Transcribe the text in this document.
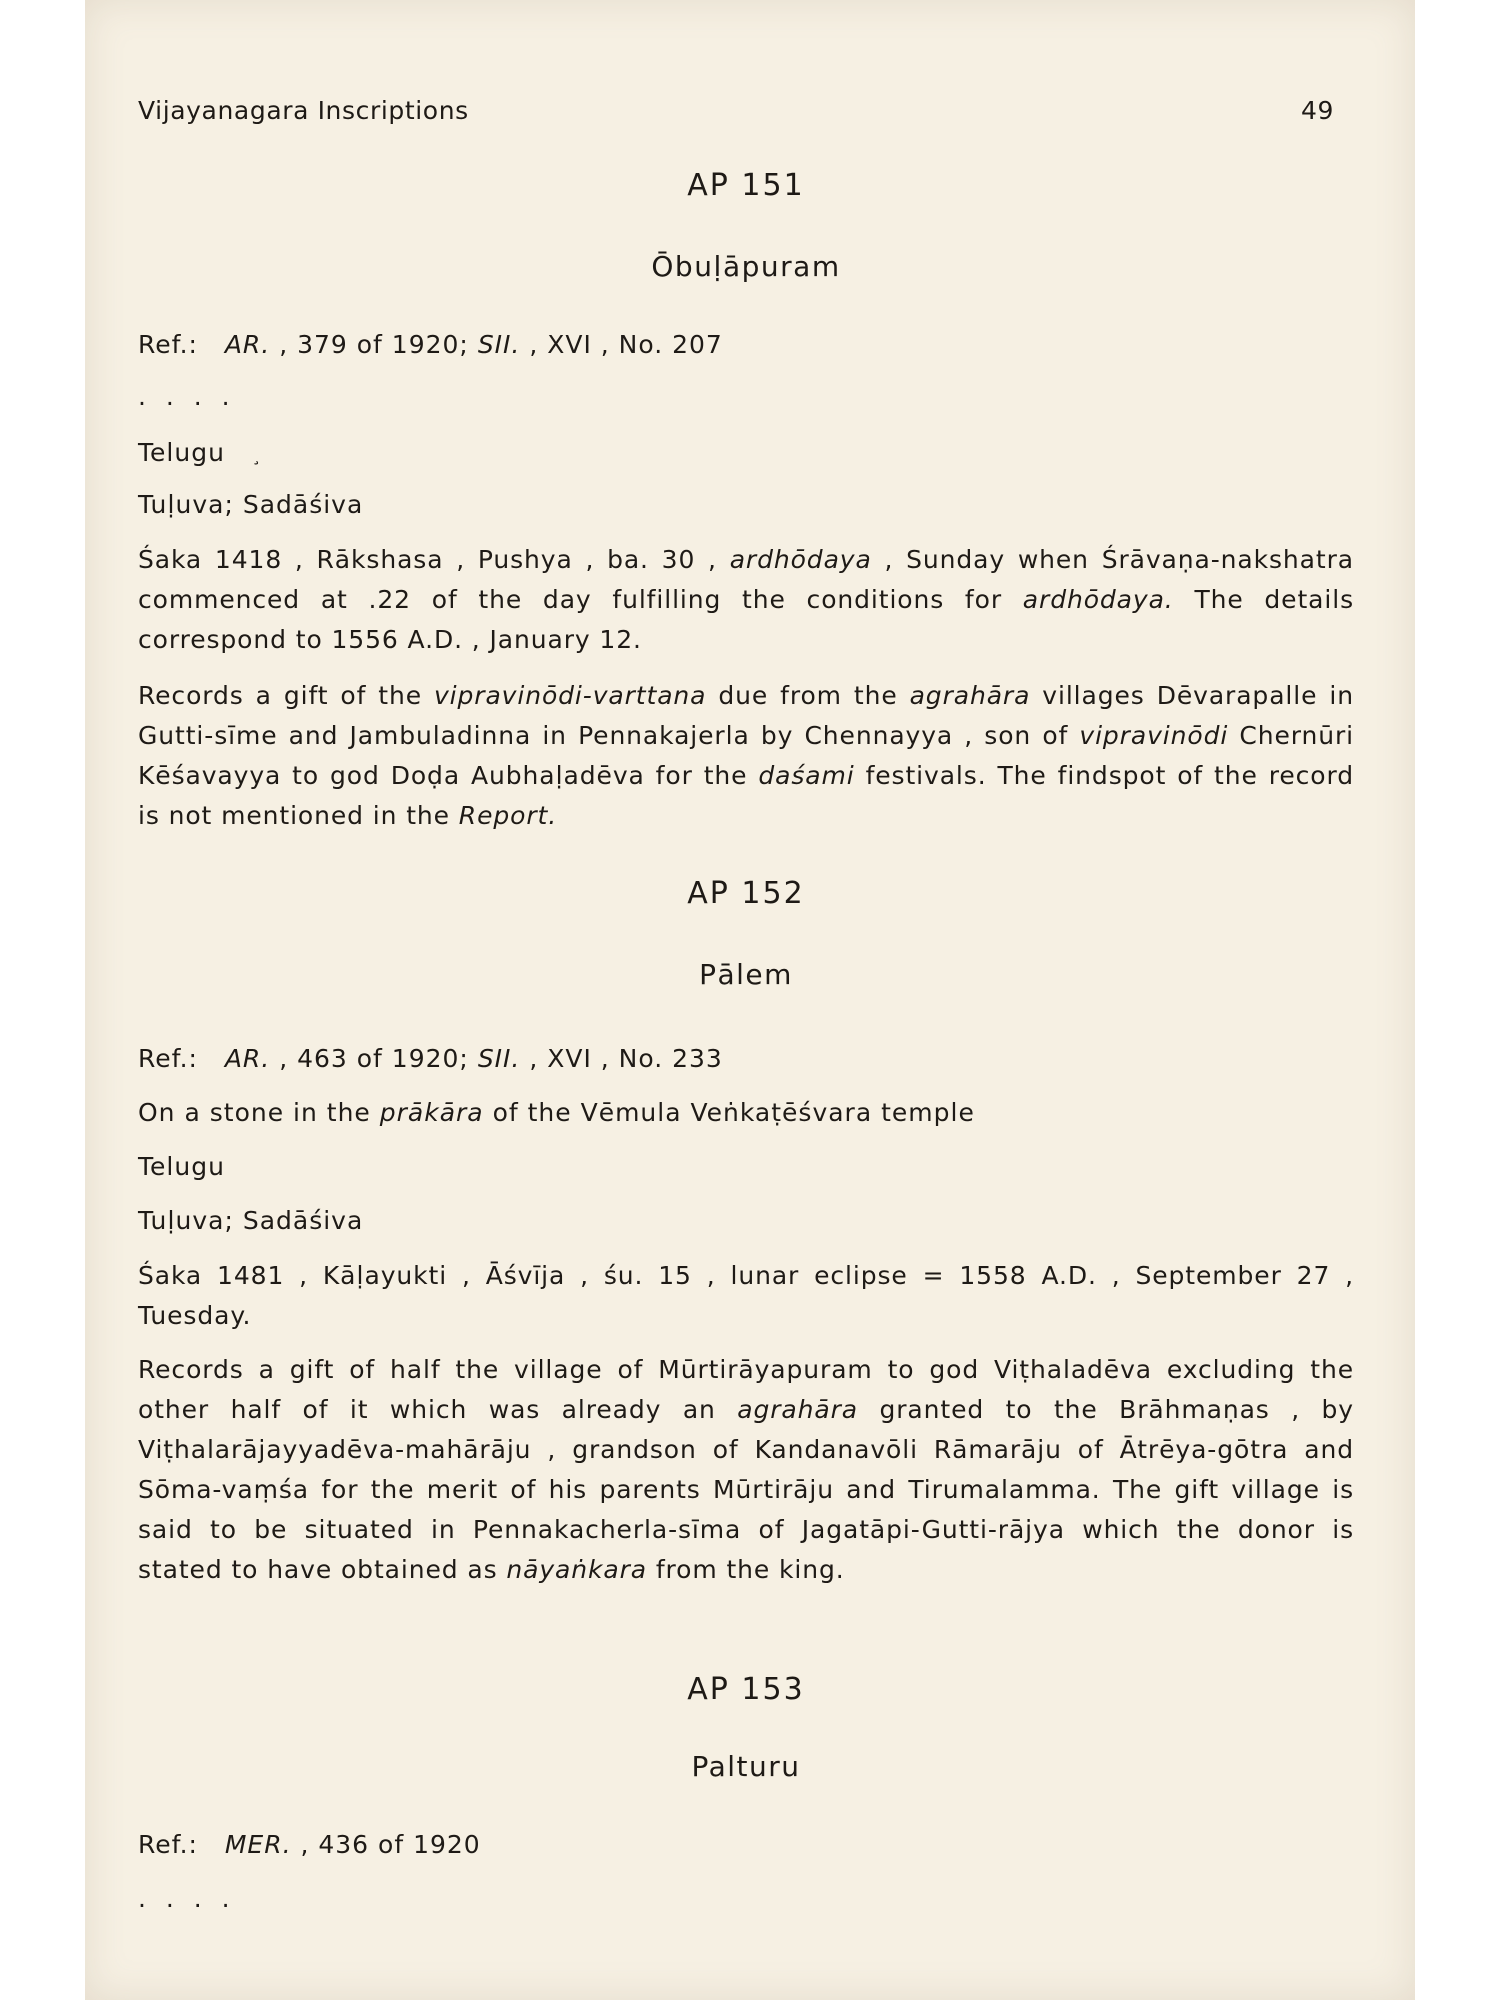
Vijayanagara Inscriptions	49
AP 151
Ōbuḷāpuram
Ref.: AR. , 379 of 1920; SII. , XVI , No. 207
. . . .
Telugu ¸
Tuḷuva; Sadāśiva
Śaka 1418 , Rākshasa , Pushya , ba. 30 , ardhōdaya , Sunday when Śrāvaṇa-nakshatra commenced at .22 of the day fulfilling the conditions for ardhōdaya. The details correspond to 1556 A.D. , January 12.
Records a gift of the vipravinōdi-varttana due from the agrahāra villages Dēvarapalle in Gutti-sīme and Jambuladinna in Pennakajerla by Chennayya , son of vipravinōdi Chernūri Kēśavayya to god Doḍa Aubhaḷadēva for the daśami festivals. The findspot of the record is not mentioned in the Report.
AP 152
Pālem
Ref.: AR. , 463 of 1920; SII. , XVI , No. 233
On a stone in the prākāra of the Vēmula Veṅkaṭēśvara temple
Telugu
Tuḷuva; Sadāśiva
Śaka 1481 , Kāḷayukti , Āśvīja , śu. 15 , lunar eclipse = 1558 A.D. , September 27 , Tuesday.
Records a gift of half the village of Mūrtirāyapuram to god Viṭhaladēva excluding the other half of it which was already an agrahāra granted to the Brāhmaṇas , by Viṭhalarājayyadēva-mahārāju , grandson of Kandanavōli Rāmarāju of Ātrēya-gōtra and Sōma-vaṃśa for the merit of his parents Mūrtirāju and Tirumalamma. The gift village is said to be situated in Pennakacherla-sīma of Jagatāpi-Gutti-rājya which the donor is stated to have obtained as nāyaṅkara from the king.
AP 153
Palturu
Ref.: MER. , 436 of 1920
. . . .
